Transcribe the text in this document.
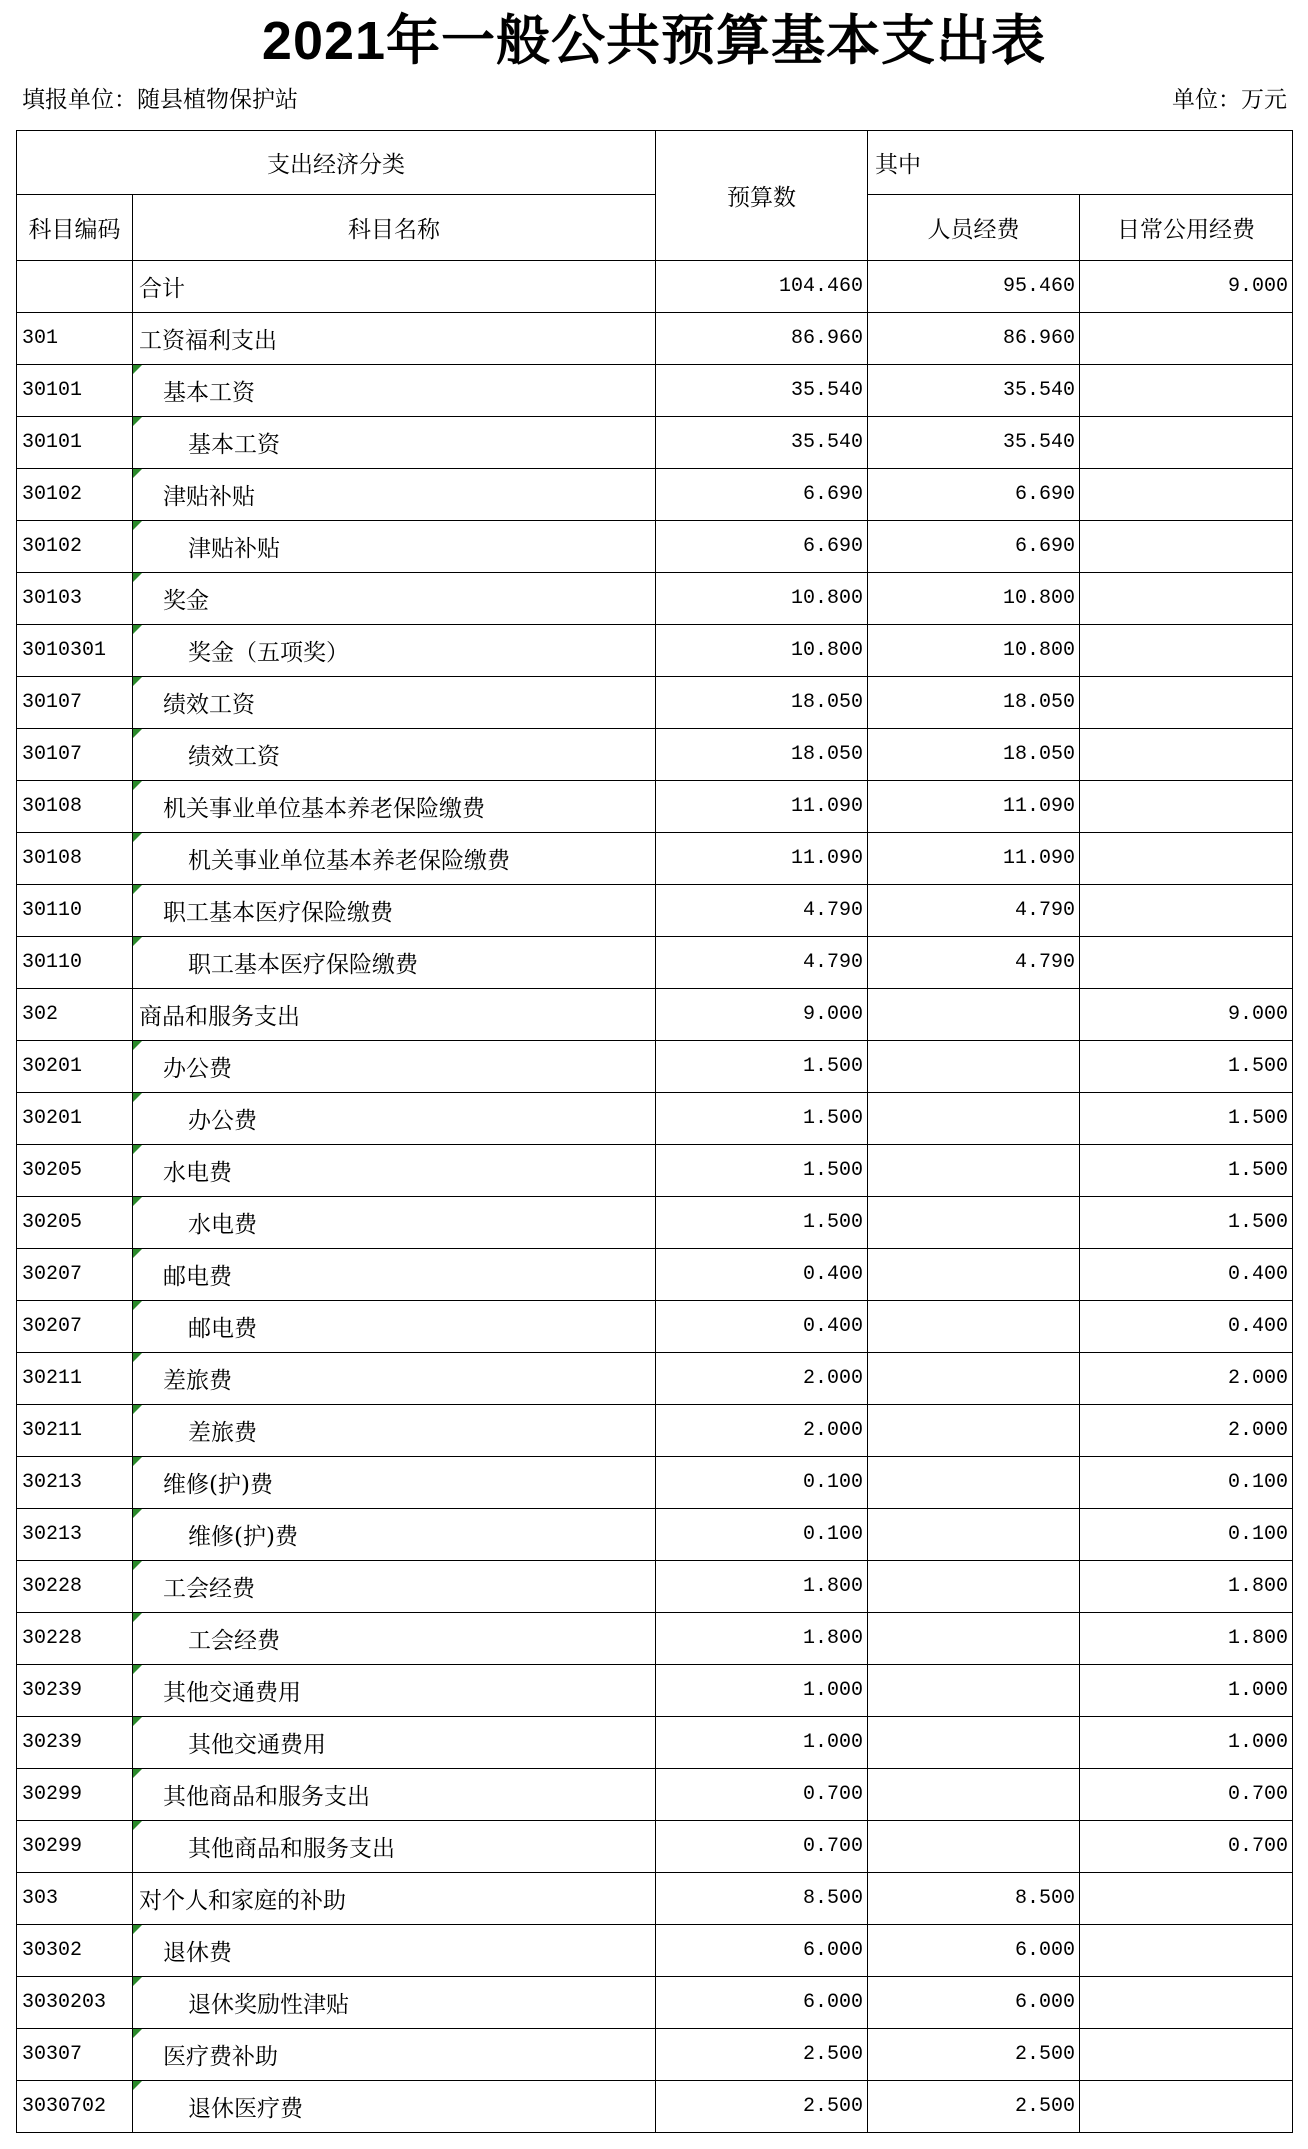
2021年一般公共预算基本支出表
填报单位：随县植物保护站	单位：万元
支出经济分类		预算数	其中	
科目编码	科目名称		人员经费	日常公用经费
	合计	104.460	95.460	9.000
301	工资福利支出	86.960	86.960	
30101	基本工资	35.540	35.540	
30101	基本工资	35.540	35.540	
30102	津贴补贴	6.690	6.690	
30102	津贴补贴	6.690	6.690	
30103	奖金	10.800	10.800	
3010301	奖金（五项奖）	10.800	10.800	
30107	绩效工资	18.050	18.050	
30107	绩效工资	18.050	18.050	
30108	机关事业单位基本养老保险缴费	11.090	11.090	
30108	机关事业单位基本养老保险缴费	11.090	11.090	
30110	职工基本医疗保险缴费	4.790	4.790	
30110	职工基本医疗保险缴费	4.790	4.790	
302	商品和服务支出	9.000		9.000
30201	办公费	1.500		1.500
30201	办公费	1.500		1.500
30205	水电费	1.500		1.500
30205	水电费	1.500		1.500
30207	邮电费	0.400		0.400
30207	邮电费	0.400		0.400
30211	差旅费	2.000		2.000
30211	差旅费	2.000		2.000
30213	维修(护)费	0.100		0.100
30213	维修(护)费	0.100		0.100
30228	工会经费	1.800		1.800
30228	工会经费	1.800		1.800
30239	其他交通费用	1.000		1.000
30239	其他交通费用	1.000		1.000
30299	其他商品和服务支出	0.700		0.700
30299	其他商品和服务支出	0.700		0.700
303	对个人和家庭的补助	8.500	8.500	
30302	退休费	6.000	6.000	
3030203	退休奖励性津贴	6.000	6.000	
30307	医疗费补助	2.500	2.500	
3030702	退休医疗费	2.500	2.500	
